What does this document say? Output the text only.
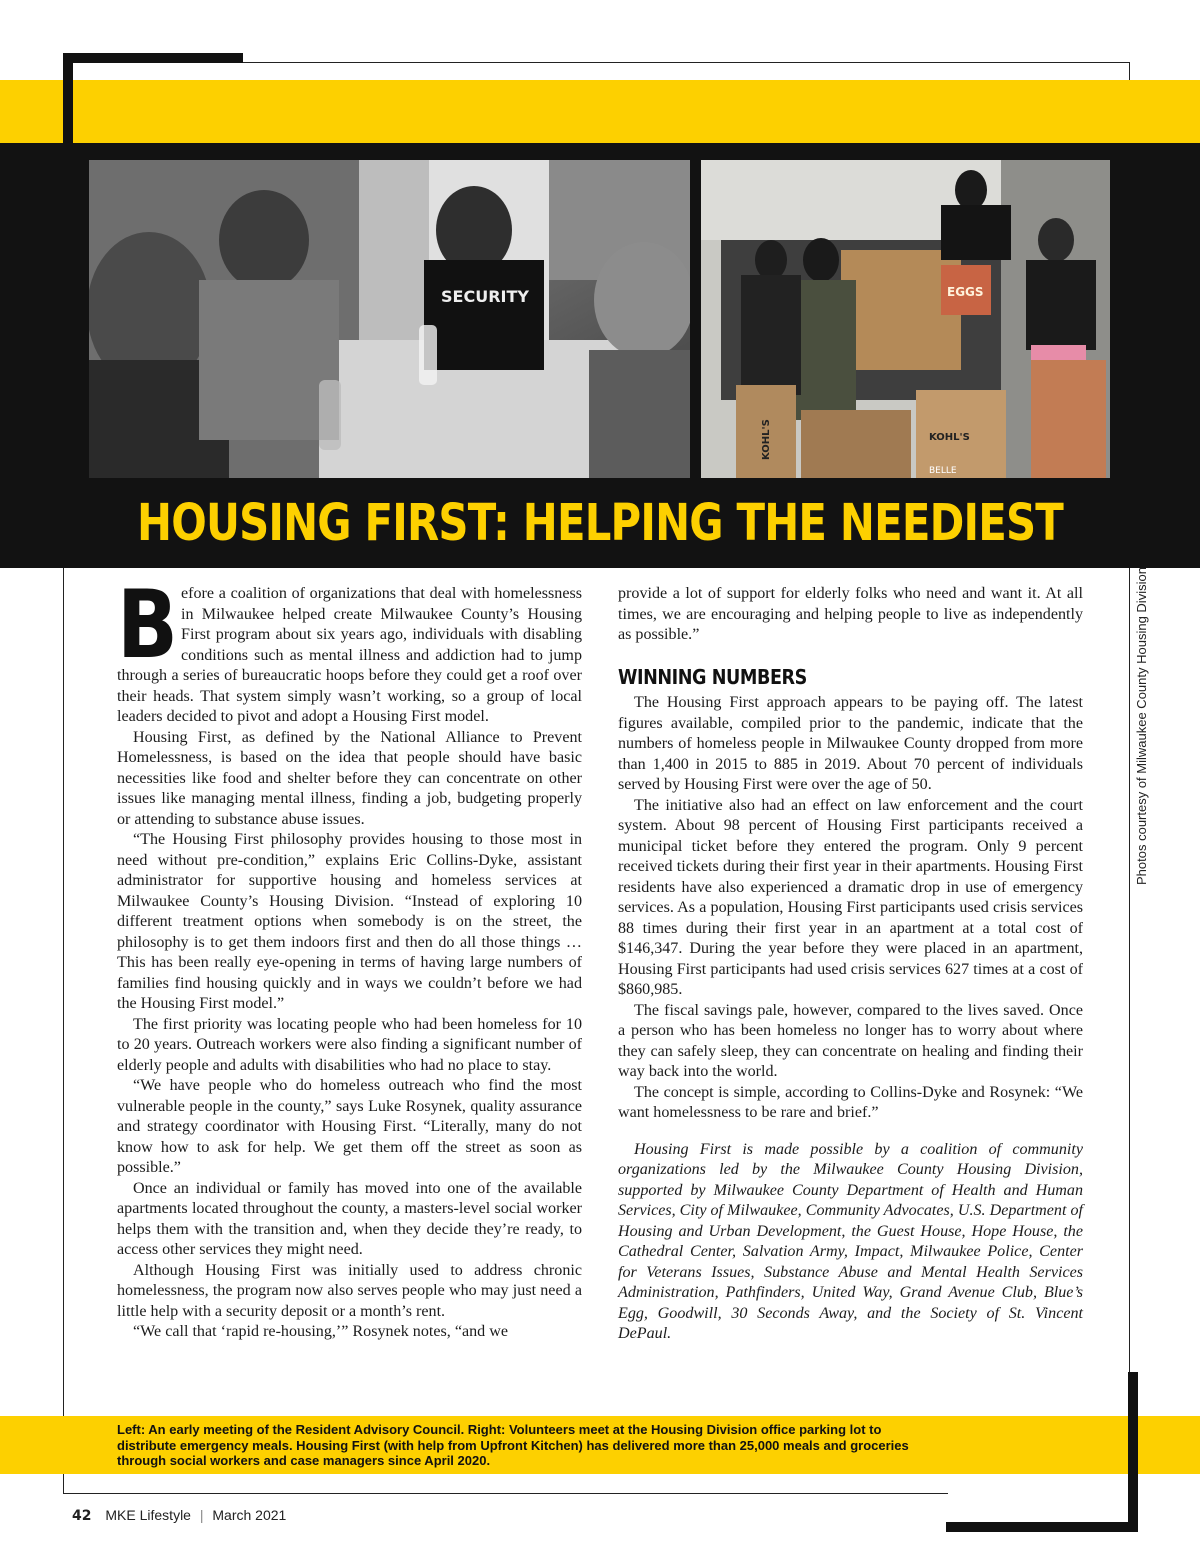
SECURITY	EGGS
KOHL'S	KOHL'S
BELLE
HOUSING FIRST: HELPING THE NEEDIEST
Photos courtesy of Milwaukee County Housing Division
B efore a coalition of organizations that deal with homelessness in Milwaukee helped create Milwaukee County’s Housing First program about six years ago, individuals with disabling conditions such as mental illness and addiction had to jump through a series of bureaucratic hoops before they could get a roof over their heads. That system simply wasn’t working, so a group of local leaders decided to pivot and adopt a Housing First model.

Housing First, as defined by the National Alliance to Prevent Homelessness, is based on the idea that people should have basic necessities like food and shelter before they can concentrate on other issues like managing mental illness, finding a job, budgeting properly or attending to substance abuse issues.

“The Housing First philosophy provides housing to those most in need without pre-condition,” explains Eric Collins-Dyke, assistant administrator for supportive housing and homeless services at Milwaukee County’s Housing Division. “Instead of exploring 10 different treatment options when somebody is on the street, the philosophy is to get them indoors first and then do all those things … This has been really eye-opening in terms of having large numbers of families find housing quickly and in ways we couldn’t before we had the Housing First model.”

The first priority was locating people who had been homeless for 10 to 20 years. Outreach workers were also finding a significant number of elderly people and adults with disabilities who had no place to stay.

“We have people who do homeless outreach who find the most vulnerable people in the county,” says Luke Rosynek, quality assurance and strategy coordinator with Housing First. “Literally, many do not know how to ask for help. We get them off the street as soon as possible.”

Once an individual or family has moved into one of the available apartments located throughout the county, a masters-level social worker helps them with the transition and, when they decide they’re ready, to access other services they might need.

Although Housing First was initially used to address chronic homelessness, the program now also serves people who may just need a little help with a security deposit or a month’s rent.

“We call that ‘rapid re-housing,’” Rosynek notes, “and we

provide a lot of support for elderly folks who need and want it. At all times, we are encouraging and helping people to live as independently as possible.”

WINNING NUMBERS

The Housing First approach appears to be paying off. The latest figures available, compiled prior to the pandemic, indicate that the numbers of homeless people in Milwaukee County dropped from more than 1,400 in 2015 to 885 in 2019. About 70 percent of individuals served by Housing First were over the age of 50.

The initiative also had an effect on law enforcement and the court system. About 98 percent of Housing First participants received a municipal ticket before they entered the program. Only 9 percent received tickets during their first year in their apartments. Housing First residents have also experienced a dramatic drop in use of emergency services. As a population, Housing First participants used crisis services 88 times during their first year in an apartment at a total cost of $146,347. During the year before they were placed in an apartment, Housing First participants had used crisis services 627 times at a cost of $860,985.

The fiscal savings pale, however, compared to the lives saved. Once a person who has been homeless no longer has to worry about where they can safely sleep, they can concentrate on healing and finding their way back into the world.

The concept is simple, according to Collins-Dyke and Rosynek: “We want homelessness to be rare and brief.”

Housing First is made possible by a coalition of community organizations led by the Milwaukee County Housing Division, supported by Milwaukee County Department of Health and Human Services, City of Milwaukee, Community Advocates, U.S. Department of Housing and Urban Development, the Guest House, Hope House, the Cathedral Center, Salvation Army, Impact, Milwaukee Police, Center for Veterans Issues, Substance Abuse and Mental Health Services Administration, Pathfinders, United Way, Grand Avenue Club, Blue’s Egg, Goodwill, 30 Seconds Away, and the Society of St. Vincent DePaul.

Left: An early meeting of the Resident Advisory Council. Right: Volunteers meet at the Housing Division office parking lot to distribute emergency meals. Housing First (with help from Upfront Kitchen) has delivered more than 25,000 meals and groceries through social workers and case managers since April 2020.
42 MKE Lifestyle | March 2021
